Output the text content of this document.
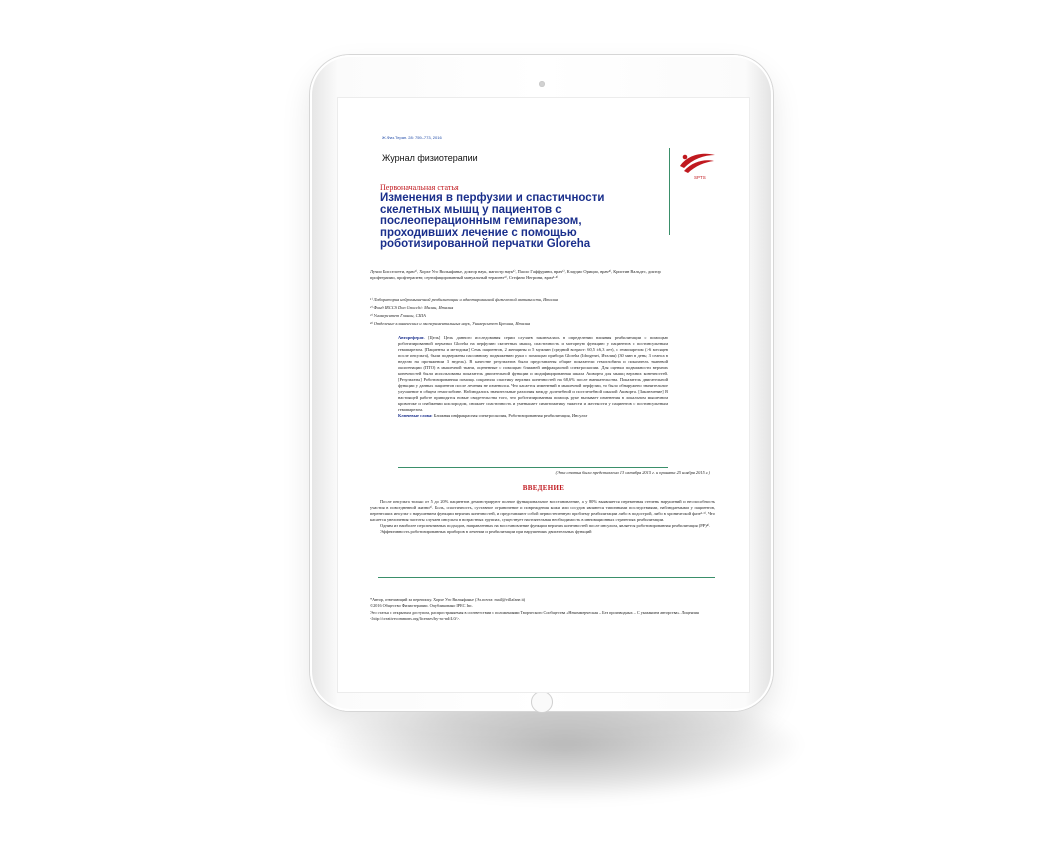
Ж.Физ.Терап. 28: 759–773, 2016

Журнал физиотерапии

SPTS

Первоначальная статья

Изменения в перфузии и спастичности скелетных мышц у пациентов с послеоперационным гемипарезом, проходивших лечение с помощью роботизированной перчатки Gloreha

Лучио Бисселотти, врач¹⁾, Хорхе Уго Вильяфанье, доктор наук, магистр наук¹⁾, Паоло Гаффурини, врач¹⁾, Клаудио Орицио, врач⁴⁾, Кристин Вальдес, доктор профтерапии, профтерапевт, сертифицированный мануальный терапевт³⁾, Стефано Негрини, врач²·⁴⁾

¹⁾ Лаборатория нейромышечной реабилитации и адаптированной физической активности, Италия

²⁾ Фонд IRCCS Don Gnocchi: Милан, Италия

³⁾ Университет Гэннон, США

⁴⁾ Отделение клинических и экспериментальных наук, Университет Брешиа, Италия

Автореферат. [Цель] Цель данного исследования серии случаев заключалась в определении влияния реабилитации с помощью роботизированной перчатки Gloreha на перфузию скелетных мышц, спастичность и моторную функцию у пациентов с постинсультным гемипарезом. [Пациенты и методики] Семь пациентов, 2 женщины и 5 мужчин (средний возраст: 60,5 ±6,3 лет), с гемипарезом (>6 месяцев после инсульта), были подвержены пассивному подвижению руки с помощью прибора Gloreha (Idrogenet, Италия) (30 мин в день; 3 сеанса в неделю на протяжении 3 недель). В качестве результатов были представлены общие показатели гемоглобина и показатель тканевой оксигенации (ПТО) в мышечной ткани, оцененные с помощью ближней инфракрасной спектроскопии. Для оценки подвижности верхних конечностей были использованы показатель двигательной функции и модифицированная шкала Ашворта для мышц верхних конечностей. [Результаты] Роботизированная помощь сократила спастику верхних конечностей на 68,6% после вмешательства. Показатель двигательной функции у данных пациентов после лечения не изменился. Что касается изменений в мышечной перфузии, то было обнаружено значительное улучшение в общем гемоглобине. Наблюдались значительные различия между долечебной и постлечебной шкалой Ашворта. [Заключение] В настоящей работе приводятся новые свидетельства того, что роботизированная помощь руке вызывает изменения в локальном мышечном кровотоке и снабжении кислородом, снижает спастичность и уменьшает симптоматику тяжести и жесткости у пациентов с постинсультным гемипарезом.
Ключевые слова: Ближняя инфракрасная спектроскопия, Роботизированная реабилитация, Инсульт

(Эта статья была представлена 13 октября 2015 г. и принята 25 ноября 2015 г.)

ВВЕДЕНИЕ

После инсульта только от 5 до 20% пациентов демонстрируют полное функциональное восстановление, а у 80% выявляется переменная степень нарушений и неспособность участия в повседневной жизни¹⁾. Боль, спастичность, суставное ограничение и повреждения кожи или сосудов являются типичными последствиями, наблюдаемыми у пациентов, перенесших инсульт с нарушением функции верхних конечностей, и представляют собой первостепенную проблему реабилитации либо в подострой, либо в хронической фазе²·³⁾. Что касается увеличения частоты случаев инсульта в возрастных группах, существует настоятельная необходимость в инновационных стратегиях реабилитации.

Одним из наиболее перспективных подходов, направленных на восстановление функции верхних конечностей после инсульта, является роботизированная реабилитация (РР)⁴⁾.

Эффективность роботизированных приборов в лечении и реабилитации при нарушениях двигательных функций

*Автор, отвечающий за переписку. Хорхе Уго Вильяфанье (Эл.почта: mail@villafane.it)

©2016 Общество Физиотерапии. Опубликовано IPEC Inc.

Это статья с открытым доступом, распространяемая в соответствии с положениями Творческого Сообщества «Некоммерческая – Без производных – С указанием авторства». Лицензия <http://creativecommons.org/licenses/by-nc-nd/4.0/>.
